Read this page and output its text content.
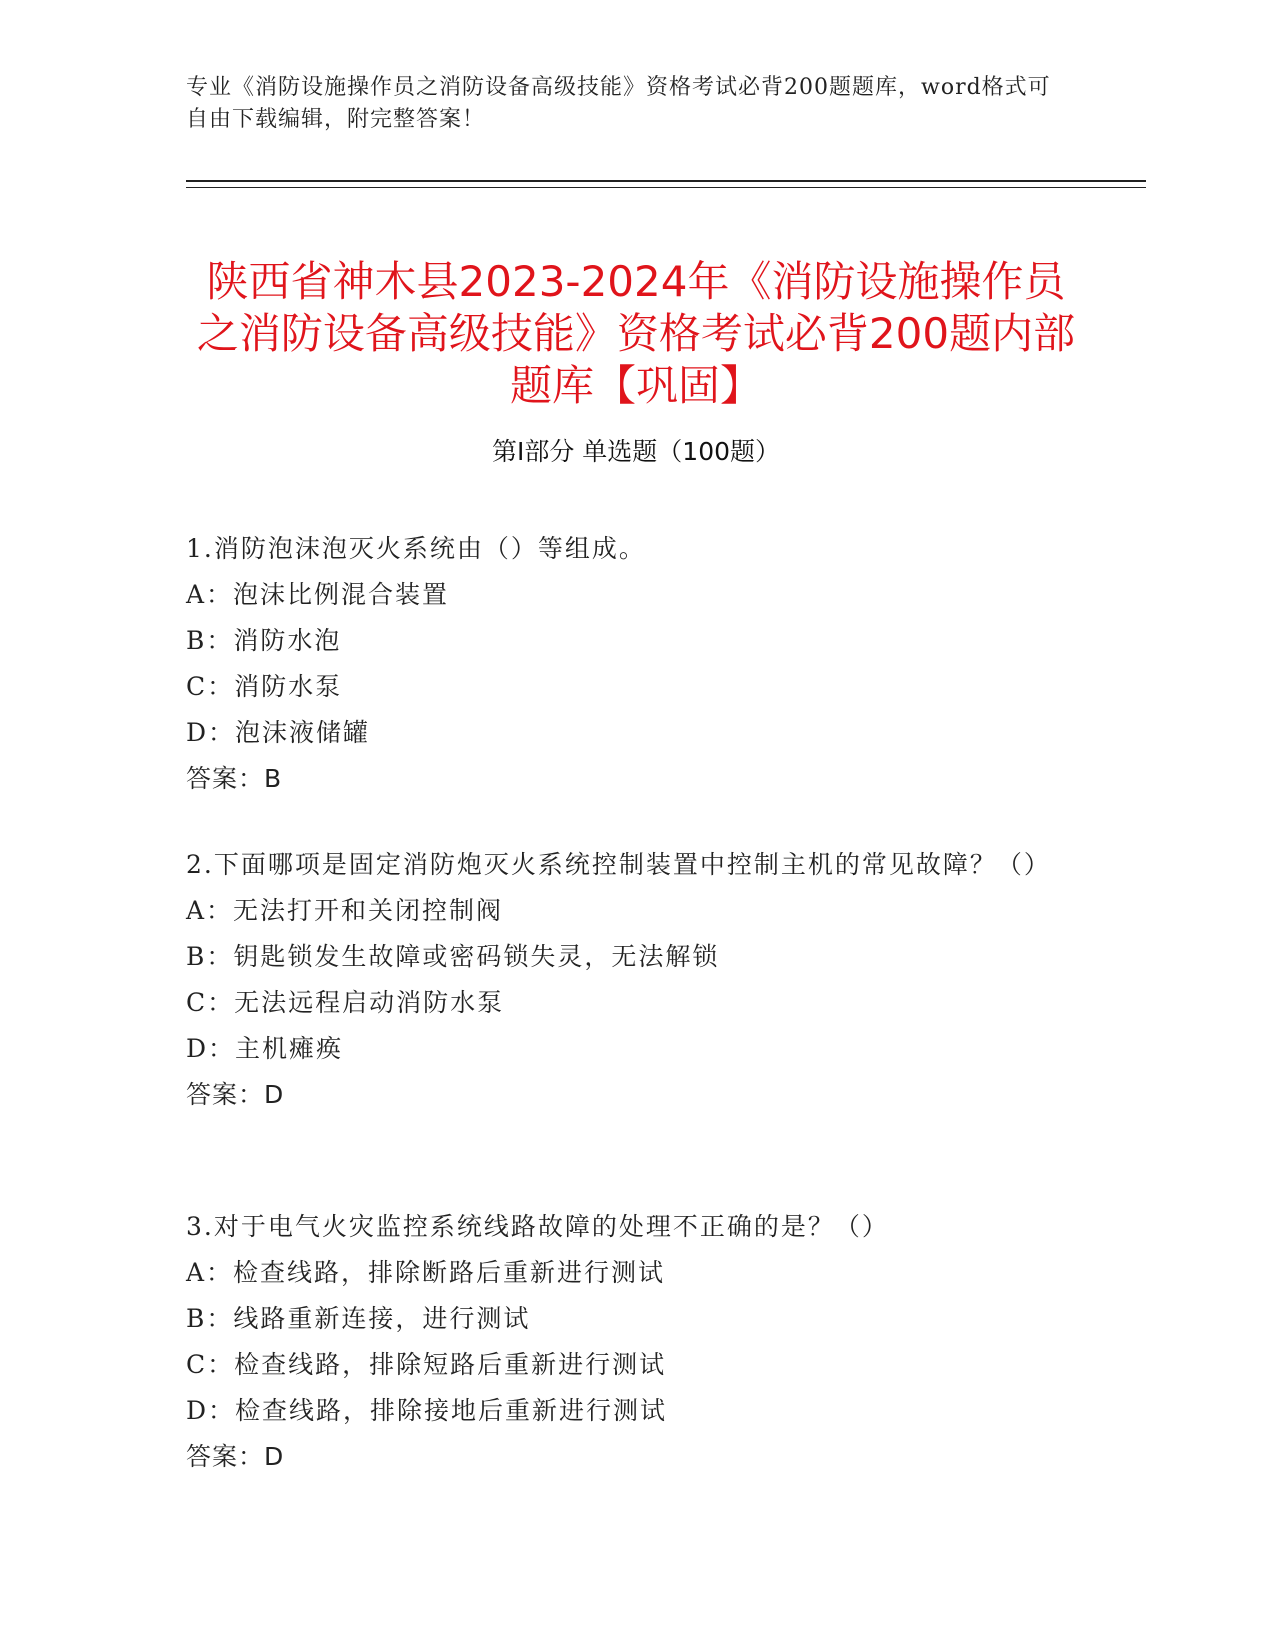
专业《消防设施操作员之消防设备高级技能》资格考试必背200题题库，word格式可自由下载编辑，附完整答案！
陕西省神木县2023-2024年《消防设施操作员之消防设备高级技能》资格考试必背200题内部题库【巩固】
第I部分 单选题（100题）
1.消防泡沫泡灭火系统由（）等组成。
A：泡沫比例混合装置
B：消防水泡
C：消防水泵
D：泡沫液储罐
答案：B
2.下面哪项是固定消防炮灭火系统控制装置中控制主机的常见故障？（）
A：无法打开和关闭控制阀
B：钥匙锁发生故障或密码锁失灵，无法解锁
C：无法远程启动消防水泵
D：主机瘫痪
答案：D
3.对于电气火灾监控系统线路故障的处理不正确的是？（）
A：检查线路，排除断路后重新进行测试
B：线路重新连接，进行测试
C：检查线路，排除短路后重新进行测试
D：检查线路，排除接地后重新进行测试
答案：D
